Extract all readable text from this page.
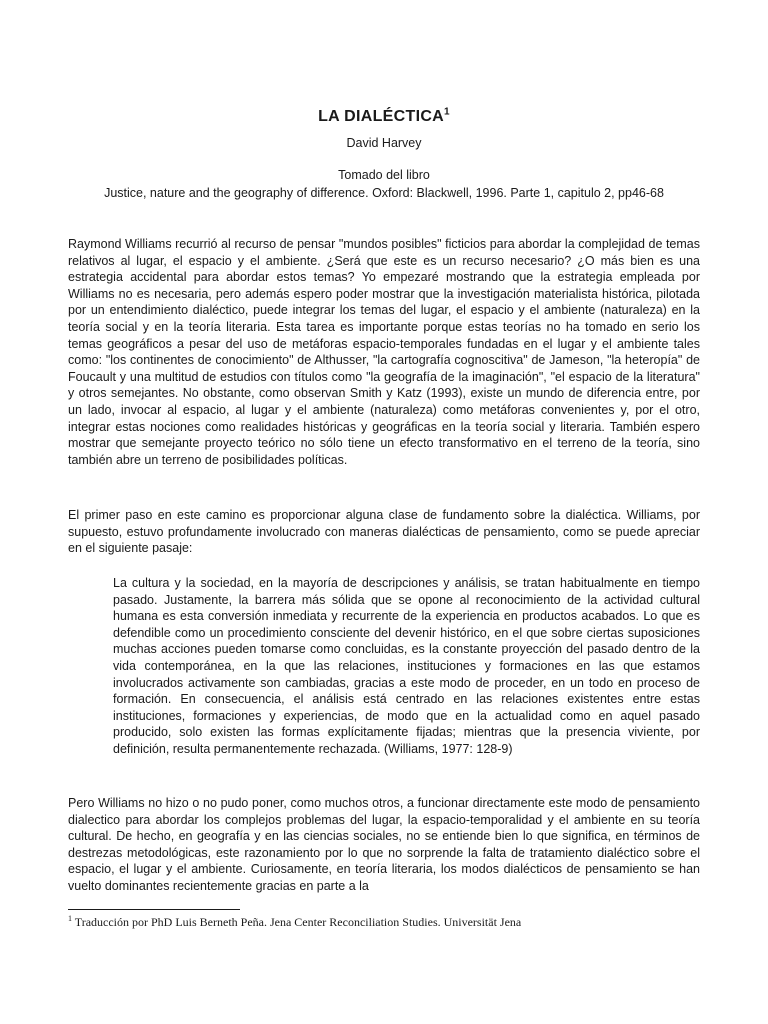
LA DIALÉCTICA$^1$
David Harvey
Tomado del libro
Justice, nature and the geography of difference. Oxford: Blackwell, 1996. Parte 1, capitulo 2, pp46-68

Raymond Williams recurrió al recurso de pensar "mundos posibles" ficticios para abordar la complejidad de temas relativos al lugar, el espacio y el ambiente. ¿Será que este es un recurso necesario? ¿O más bien es una estrategia accidental para abordar estos temas? Yo empezaré mostrando que la estrategia empleada por Williams no es necesaria, pero además espero poder mostrar que la investigación materialista histórica, pilotada por un entendimiento dialéctico, puede integrar los temas del lugar, el espacio y el ambiente (naturaleza) en la teoría social y en la teoría literaria. Esta tarea es importante porque estas teorías no ha tomado en serio los temas geográficos a pesar del uso de metáforas espacio-temporales fundadas en el lugar y el ambiente tales como: "los continentes de conocimiento" de Althusser, "la cartografía cognoscitiva" de Jameson, "la heteropía" de Foucault y una multitud de estudios con títulos como "la geografía de la imaginación", "el espacio de la literatura" y otros semejantes. No obstante, como observan Smith y Katz (1993), existe un mundo de diferencia entre, por un lado, invocar al espacio, al lugar y el ambiente (naturaleza) como metáforas convenientes y, por el otro, integrar estas nociones como realidades históricas y geográficas en la teoría social y literaria. También espero mostrar que semejante proyecto teórico no sólo tiene un efecto transformativo en el terreno de la teoría, sino también abre un terreno de posibilidades políticas.

El primer paso en este camino es proporcionar alguna clase de fundamento sobre la dialéctica. Williams, por supuesto, estuvo profundamente involucrado con maneras dialécticas de pensamiento, como se puede apreciar en el siguiente pasaje:

La cultura y la sociedad, en la mayoría de descripciones y análisis, se tratan habitualmente en tiempo pasado. Justamente, la barrera más sólida que se opone al reconocimiento de la actividad cultural humana es esta conversión inmediata y recurrente de la experiencia en productos acabados. Lo que es defendible como un procedimiento consciente del devenir histórico, en el que sobre ciertas suposiciones muchas acciones pueden tomarse como concluidas, es la constante proyección del pasado dentro de la vida contemporánea, en la que las relaciones, instituciones y formaciones en las que estamos involucrados activamente son cambiadas, gracias a este modo de proceder, en un todo en proceso de formación. En consecuencia, el análisis está centrado en las relaciones existentes entre estas instituciones, formaciones y experiencias, de modo que en la actualidad como en aquel pasado producido, solo existen las formas explícitamente fijadas; mientras que la presencia viviente, por definición, resulta permanentemente rechazada. (Williams, 1977: 128-9)

Pero Williams no hizo o no pudo poner, como muchos otros, a funcionar directamente este modo de pensamiento dialectico para abordar los complejos problemas del lugar, la espacio-temporalidad y el ambiente en su teoría cultural. De hecho, en geografía y en las ciencias sociales, no se entiende bien lo que significa, en términos de destrezas metodológicas, este razonamiento por lo que no sorprende la falta de tratamiento dialéctico sobre el espacio, el lugar y el ambiente. Curiosamente, en teoría literaria, los modos dialécticos de pensamiento se han vuelto dominantes recientemente gracias en parte a la

$^1$ Traducción por PhD Luis Berneth Peña. Jena Center Reconciliation Studies. Universität Jena
